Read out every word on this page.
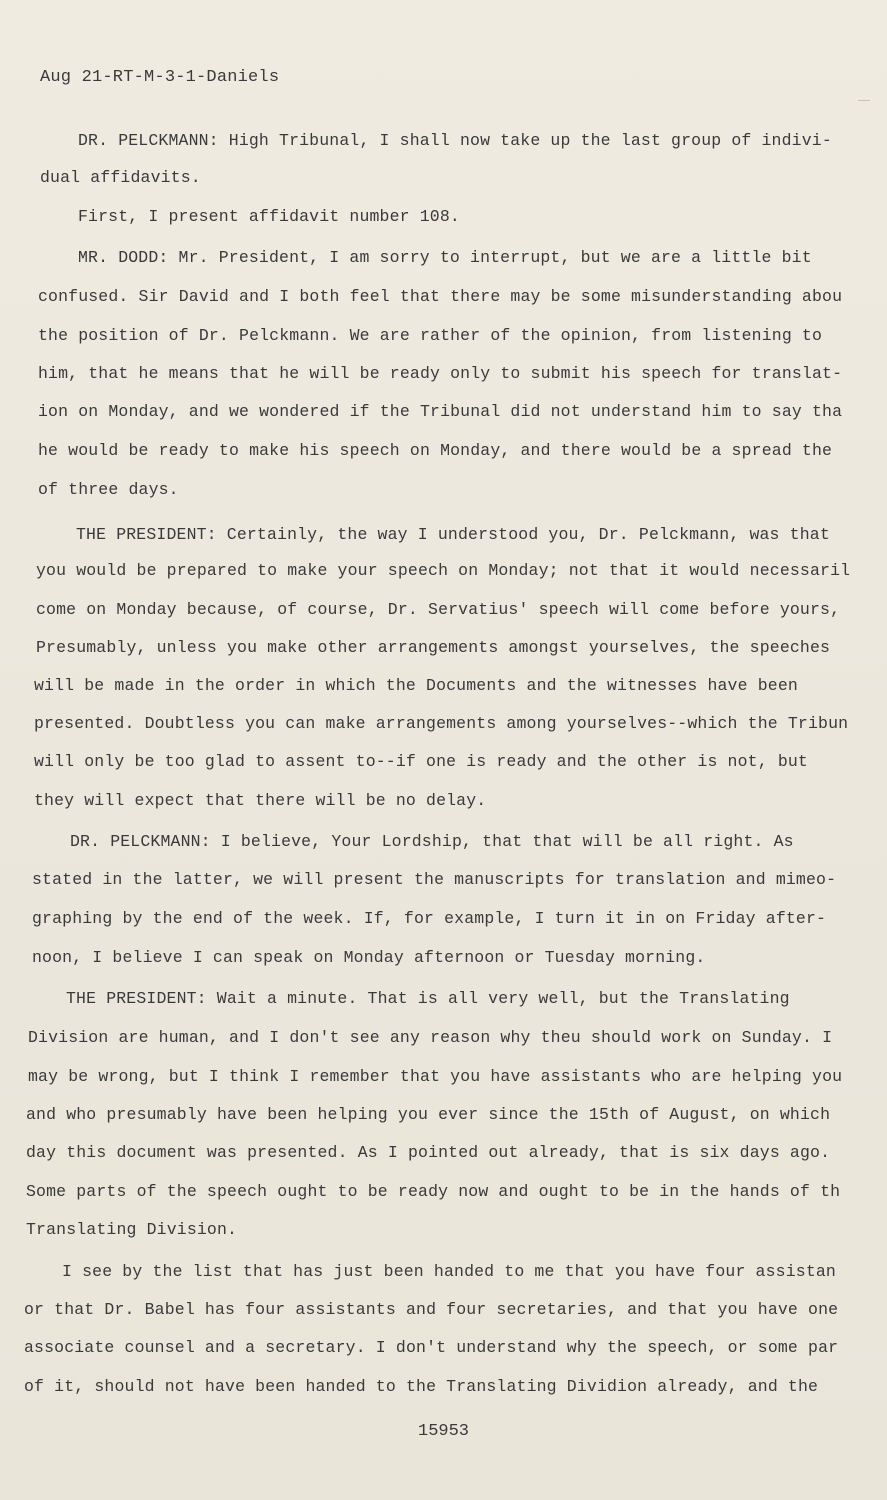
Aug 21-RT-M-3-1-Daniels
DR. PELCKMANN: High Tribunal, I shall now take up the last group of indivi-
dual affidavits.
First, I present affidavit number 108.
MR. DODD: Mr. President, I am sorry to interrupt, but we are a little bit
confused. Sir David and I both feel that there may be some misunderstanding abou
the position of Dr. Pelckmann. We are rather of the opinion, from listening to
him, that he means that he will be ready only to submit his speech for translat-
ion on Monday, and we wondered if the Tribunal did not understand him to say tha
he would be ready to make his speech on Monday, and there would be a spread the
of three days.
THE PRESIDENT: Certainly, the way I understood you, Dr. Pelckmann, was that
you would be prepared to make your speech on Monday; not that it would necessaril
come on Monday because, of course, Dr. Servatius' speech will come before yours,
Presumably, unless you make other arrangements amongst yourselves, the speeches
will be made in the order in which the Documents and the witnesses have been
presented. Doubtless you can make arrangements among yourselves--which the Tribun
will only be too glad to assent to--if one is ready and the other is not, but
they will expect that there will be no delay.
DR. PELCKMANN: I believe, Your Lordship, that that will be all right. As
stated in the latter, we will present the manuscripts for translation and mimeo-
graphing by the end of the week. If, for example, I turn it in on Friday after-
noon, I believe I can speak on Monday afternoon or Tuesday morning.
THE PRESIDENT: Wait a minute. That is all very well, but the Translating
Division are human, and I don't see any reason why theu should work on Sunday. I
may be wrong, but I think I remember that you have assistants who are helping you
and who presumably have been helping you ever since the 15th of August, on which
day this document was presented. As I pointed out already, that is six days ago.
Some parts of the speech ought to be ready now and ought to be in the hands of th
Translating Division.
I see by the list that has just been handed to me that you have four assistan
or that Dr. Babel has four assistants and four secretaries, and that you have one
associate counsel and a secretary. I don't understand why the speech, or some par
of it, should not have been handed to the Translating Dividion already, and the
15953
